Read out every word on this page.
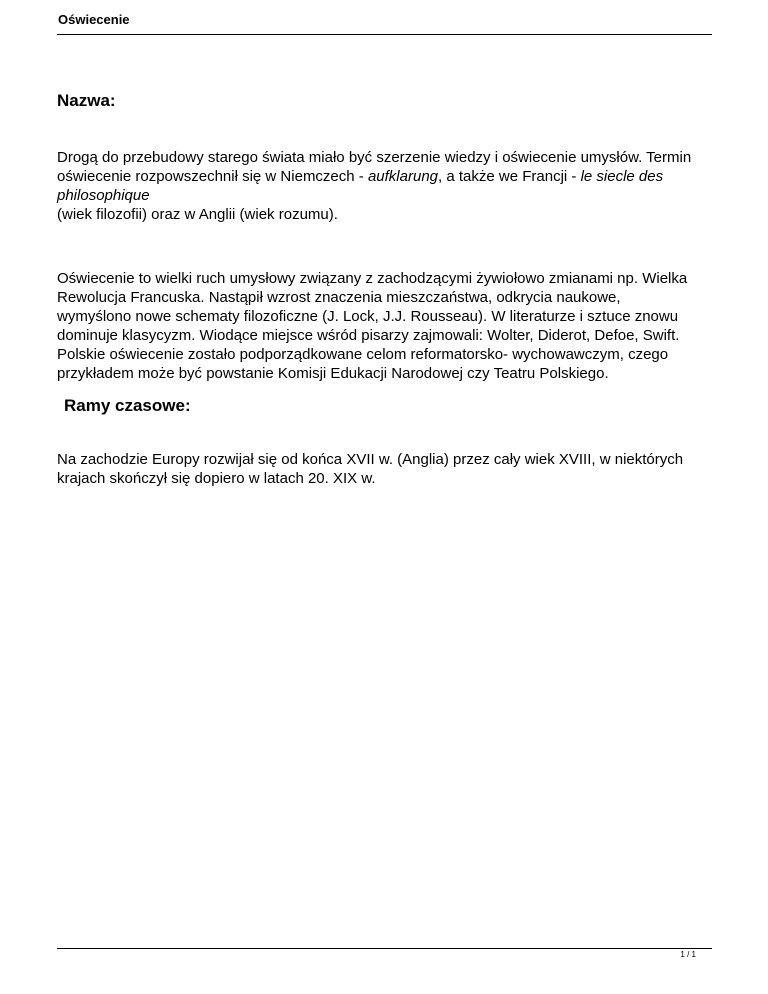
Oświecenie
Nazwa:

Drogą do przebudowy starego świata miało być szerzenie wiedzy i oświecenie umysłów. Termin
oświecenie rozpowszechnił się w Niemczech - aufklarung, a także we Francji - le siecle des
philosophique
(wiek filozofii) oraz w Anglii (wiek rozumu).

Oświecenie to wielki ruch umysłowy związany z zachodzącymi żywiołowo zmianami np. Wielka
Rewolucja Francuska. Nastąpił wzrost znaczenia mieszczaństwa, odkrycia naukowe,
wymyślono nowe schematy filozoficzne (J. Lock, J.J. Rousseau). W literaturze i sztuce znowu
dominuje klasycyzm. Wiodące miejsce wśród pisarzy zajmowali: Wolter, Diderot, Defoe, Swift.
Polskie oświecenie zostało podporządkowane celom reformatorsko- wychowawczym, czego
przykładem może być powstanie Komisji Edukacji Narodowej czy Teatru Polskiego.

Ramy czasowe:

Na zachodzie Europy rozwijał się od końca XVII w. (Anglia) przez cały wiek XVIII, w niektórych
krajach skończył się dopiero w latach 20. XIX w.

1 / 1
